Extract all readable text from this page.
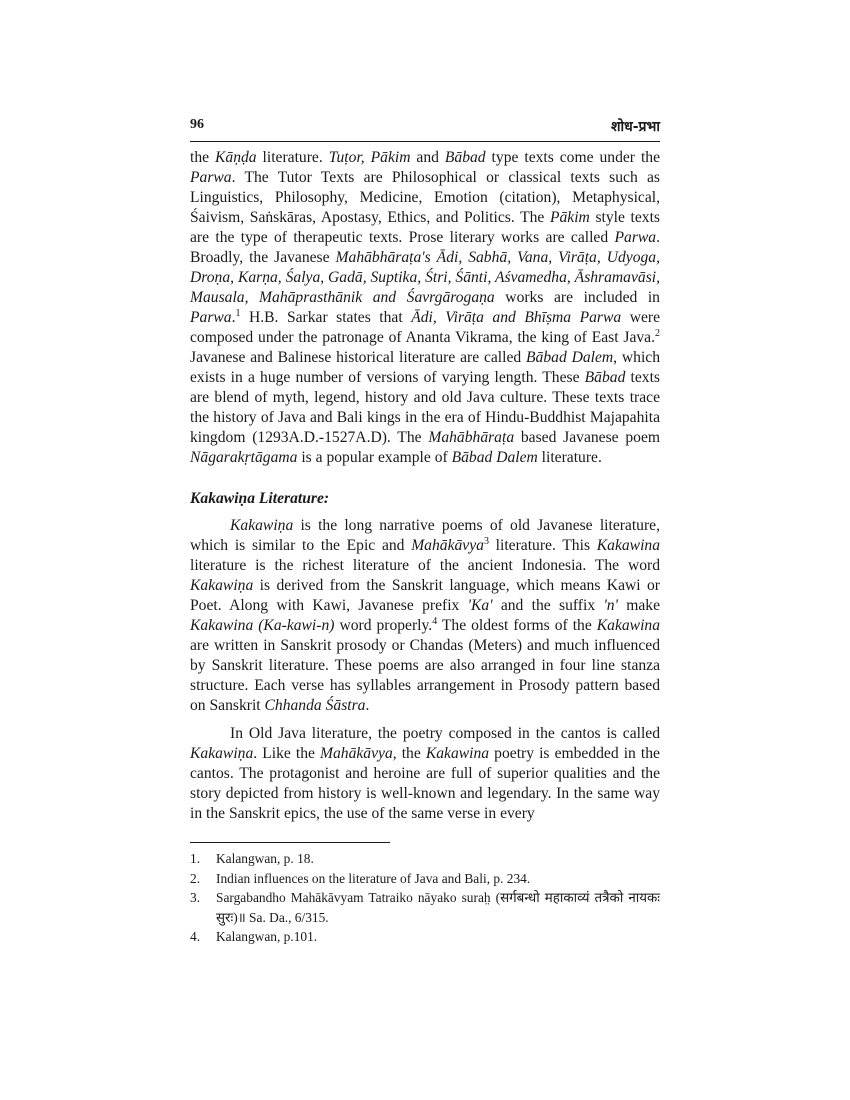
96	शोध-प्रभा

the Kāṇḍa literature. Tuṭor, Pākim and Bābad type texts come under the Parwa. The Tutor Texts are Philosophical or classical texts such as Linguistics, Philosophy, Medicine, Emotion (citation), Metaphysical, Śaivism, Saṅskāras, Apostasy, Ethics, and Politics. The Pākim style texts are the type of therapeutic texts. Prose literary works are called Parwa. Broadly, the Javanese Mahābhāraṭa's Ādi, Sabhā, Vana, Virāṭa, Udyoga, Droṇa, Karṇa, Śalya, Gadā, Suptika, Śtri, Śānti, Aśvamedha, Āshramavāsi, Mausala, Mahāprasthānik and Śavrgārogaṇa works are included in Parwa.$^1$ H.B. Sarkar states that Ādi, Virāṭa and Bhīṣma Parwa were composed under the patronage of Ananta Vikrama, the king of East Java.$^2$ Javanese and Balinese historical literature are called Bābad Dalem, which exists in a huge number of versions of varying length. These Bābad texts are blend of myth, legend, history and old Java culture. These texts trace the history of Java and Bali kings in the era of Hindu-Buddhist Majapahita kingdom (1293A.D.-1527A.D). The Mahābhāraṭa based Javanese poem Nāgarakṛtāgama is a popular example of Bābad Dalem literature.

Kakawiṇa Literature:

Kakawiṇa is the long narrative poems of old Javanese literature, which is similar to the Epic and Mahākāvya$^3$ literature. This Kakawina literature is the richest literature of the ancient Indonesia. The word Kakawiṇa is derived from the Sanskrit language, which means Kawi or Poet. Along with Kawi, Javanese prefix 'Ka' and the suffix 'n' make Kakawina (Ka-kawi-n) word properly.$^4$ The oldest forms of the Kakawina are written in Sanskrit prosody or Chandas (Meters) and much influenced by Sanskrit literature. These poems are also arranged in four line stanza structure. Each verse has syllables arrangement in Prosody pattern based on Sanskrit Chhanda Śāstra.

In Old Java literature, the poetry composed in the cantos is called Kakawiṇa. Like the Mahākāvya, the Kakawina poetry is embedded in the cantos. The protagonist and heroine are full of superior qualities and the story depicted from history is well-known and legendary. In the same way in the Sanskrit epics, the use of the same verse in every

1.	Kalangwan, p. 18.
2.	Indian influences on the literature of Java and Bali, p. 234.
3.	Sargabandho Mahākāvyam Tatraiko nāyako surah̤ (सर्गबन्धो महाकाव्यं तत्रैको नायकः सुरः)॥ Sa. Da., 6/315.
4.	Kalangwan, p.101.
